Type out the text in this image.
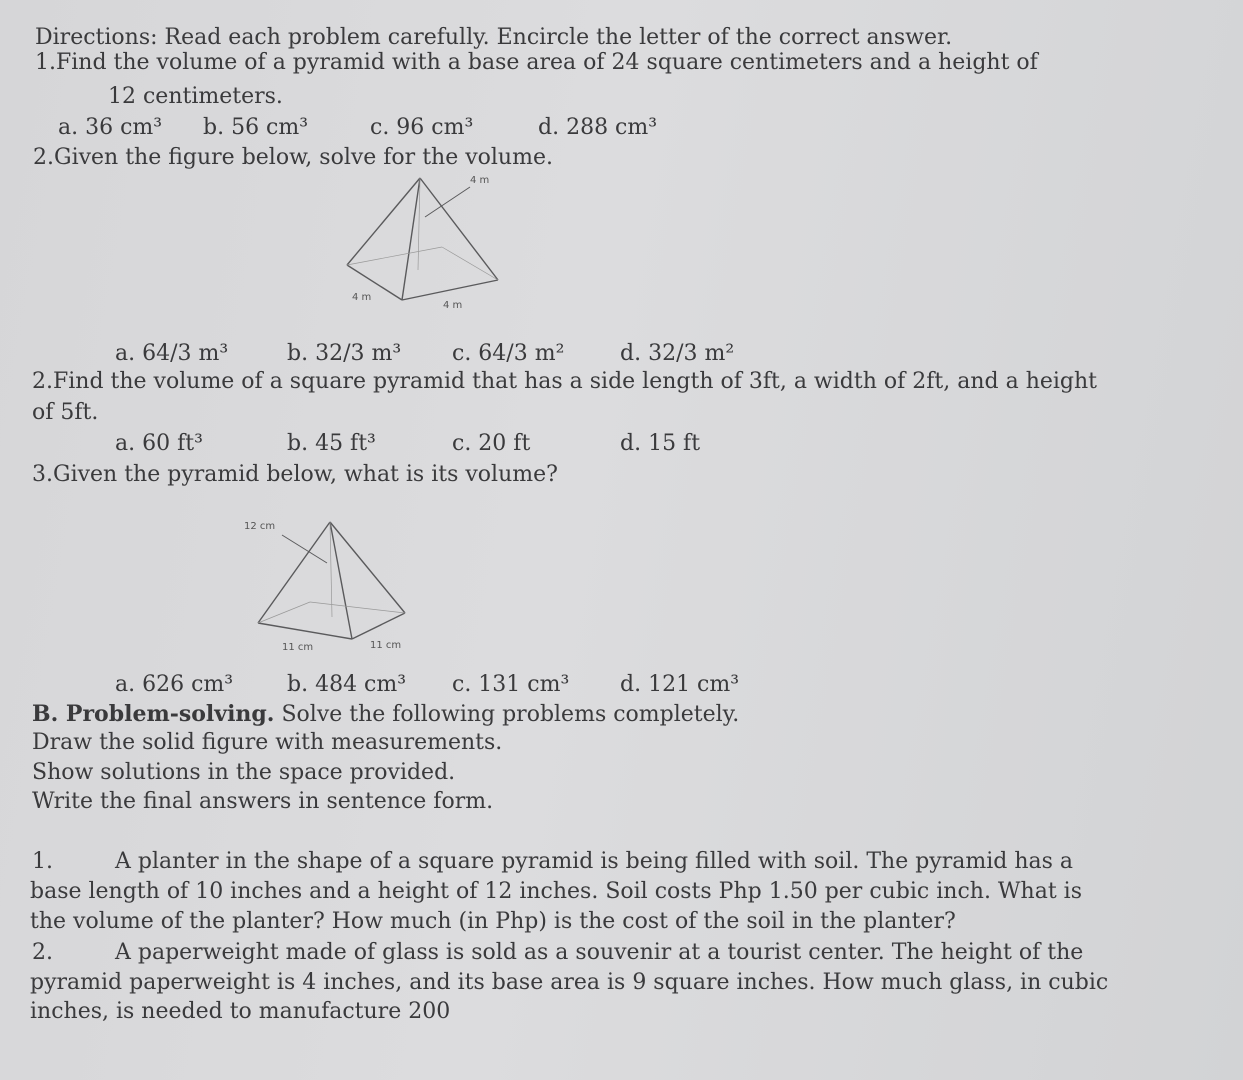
Directions: Read each problem carefully. Encircle the letter of the correct answer.
1.Find the volume of a pyramid with a base area of 24 square centimeters and a height of
12 centimeters.
a. 36 cm³ b. 56 cm³	c. 96 cm³	d. 288 cm³
2.Given the figure below, solve for the volume.
4 m
4 m
4 m
a. 64/3 m³	b. 32/3 m³ c. 64/3 m²	d. 32/3 m²
2.Find the volume of a square pyramid that has a side length of 3ft, a width of 2ft, and a height
of 5ft.
a. 60 ft³	b. 45 ft³	c. 20 ft	d. 15 ft
3.Given the pyramid below, what is its volume?
12 cm
11 cm	11 cm
a. 626 cm³ b. 484 cm³ c. 131 cm³ d. 121 cm³
B. Problem-solving. Solve the following problems completely.
Draw the solid figure with measurements.
Show solutions in the space provided.
Write the final answers in sentence form.
1.	A planter in the shape of a square pyramid is being filled with soil. The pyramid has a
base length of 10 inches and a height of 12 inches. Soil costs Php 1.50 per cubic inch. What is
the volume of the planter? How much (in Php) is the cost of the soil in the planter?
2.	A paperweight made of glass is sold as a souvenir at a tourist center. The height of the
pyramid paperweight is 4 inches, and its base area is 9 square inches. How much glass, in cubic
inches, is needed to manufacture 200
